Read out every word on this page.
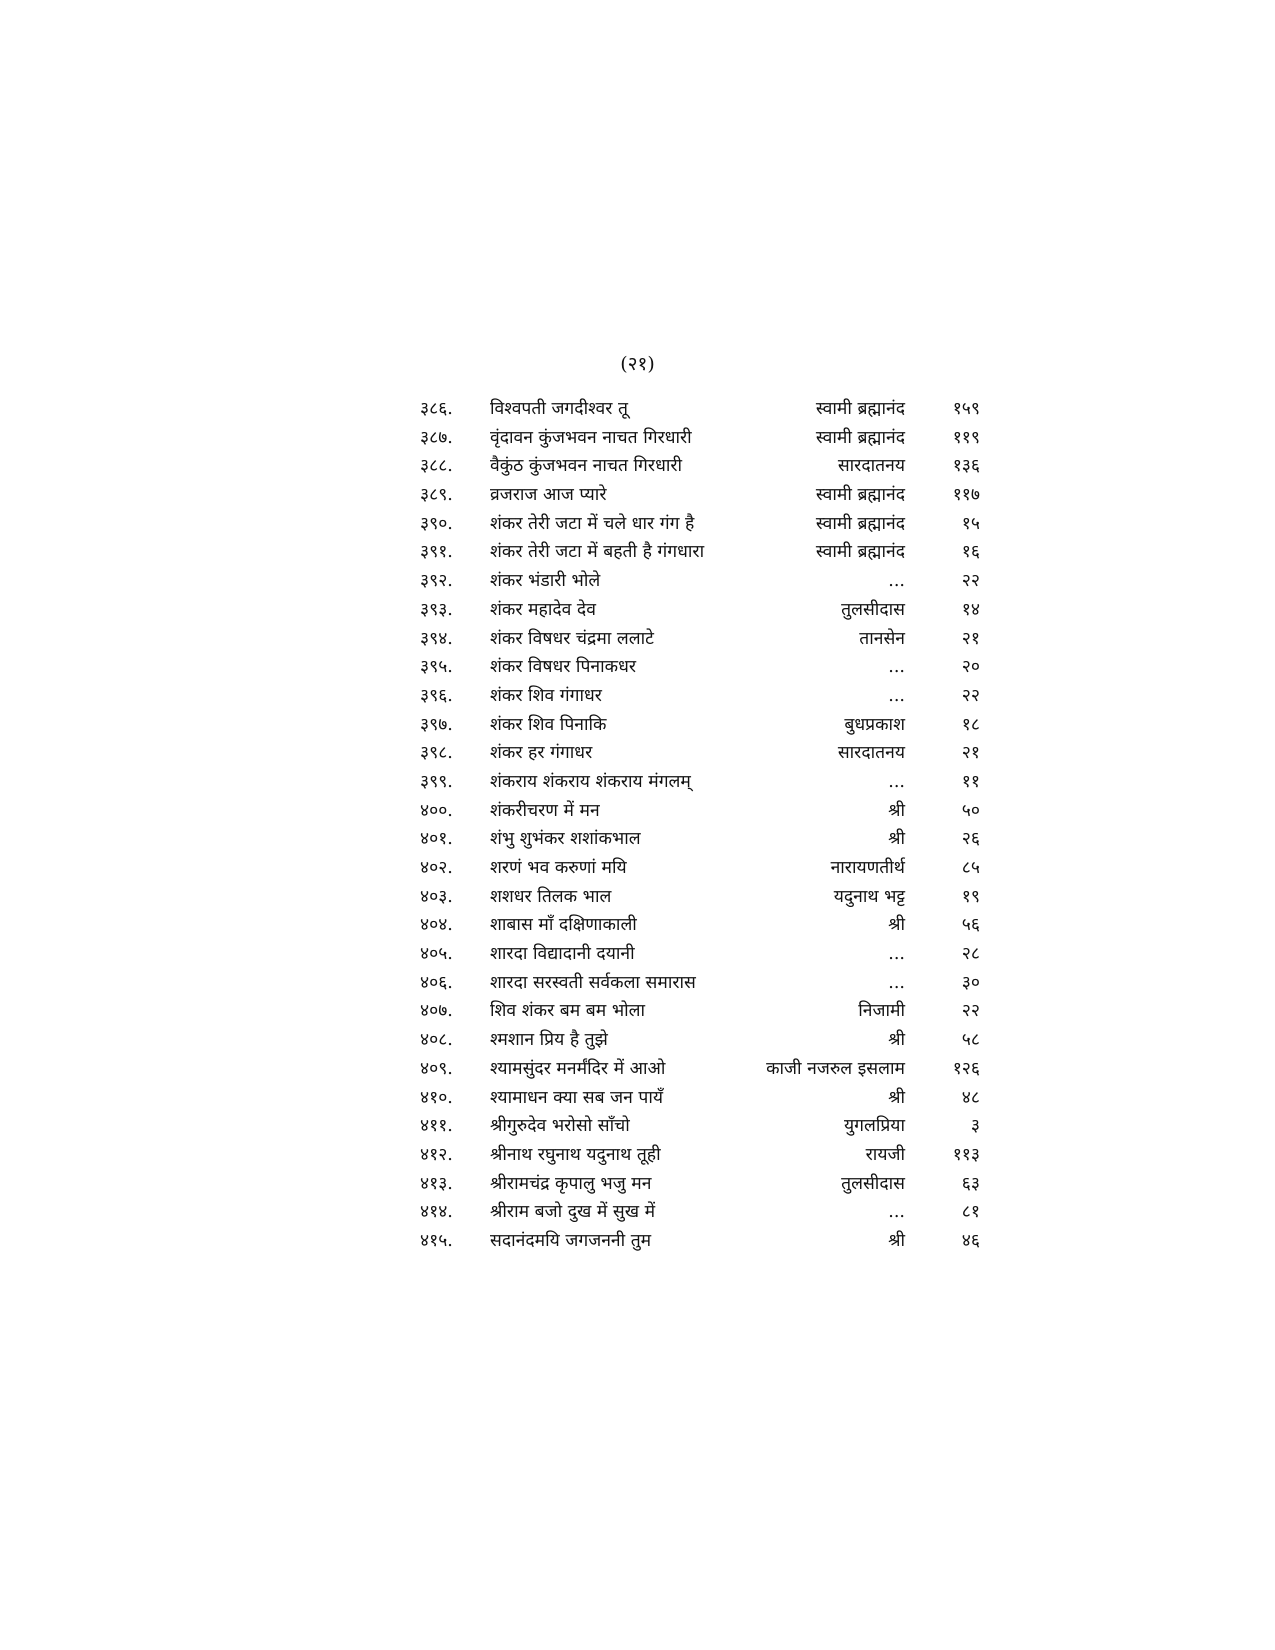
(२१)
३८६.	विश्वपती जगदीश्वर तू	स्वामी ब्रह्मानंद	१५९
३८७.	वृंदावन कुंजभवन नाचत गिरधारी	स्वामी ब्रह्मानंद	११९
३८८.	वैकुंठ कुंजभवन नाचत गिरधारी	सारदातनय	१३६
३८९.	व्रजराज आज प्यारे	स्वामी ब्रह्मानंद	११७
३९०.	शंकर तेरी जटा में चले धार गंग है	स्वामी ब्रह्मानंद	१५
३९१.	शंकर तेरी जटा में बहती है गंगधारा	स्वामी ब्रह्मानंद	१६
३९२.	शंकर भंडारी भोले	...	२२
३९३.	शंकर महादेव देव	तुलसीदास	१४
३९४.	शंकर विषधर चंद्रमा ललाटे	तानसेन	२१
३९५.	शंकर विषधर पिनाकधर	...	२०
३९६.	शंकर शिव गंगाधर	...	२२
३९७.	शंकर शिव पिनाकि	बुधप्रकाश	१८
३९८.	शंकर हर गंगाधर	सारदातनय	२१
३९९.	शंकराय शंकराय शंकराय मंगलम्	...	११
४००.	शंकरीचरण में मन	श्री	५०
४०१.	शंभु शुभंकर शशांकभाल	श्री	२६
४०२.	शरणं भव करुणां मयि	नारायणतीर्थ	८५
४०३.	शशधर तिलक भाल	यदुनाथ भट्ट	१९
४०४.	शाबास माँ दक्षिणाकाली	श्री	५६
४०५.	शारदा विद्यादानी दयानी	...	२८
४०६.	शारदा सरस्वती सर्वकला समारास	...	३०
४०७.	शिव शंकर बम बम भोला	निजामी	२२
४०८.	श्मशान प्रिय है तुझे	श्री	५८
४०९.	श्यामसुंदर मनर्मंदिर में आओ	काजी नजरुल इसलाम	१२६
४१०.	श्यामाधन क्या सब जन पायँ	श्री	४८
४११.	श्रीगुरुदेव भरोसो साँचो	युगलप्रिया	३
४१२.	श्रीनाथ रघुनाथ यदुनाथ तूही	रायजी	११३
४१३.	श्रीरामचंद्र कृपालु भजु मन	तुलसीदास	६३
४१४.	श्रीराम बजो दुख में सुख में	...	८१
४१५.	सदानंदमयि जगजननी तुम	श्री	४६
